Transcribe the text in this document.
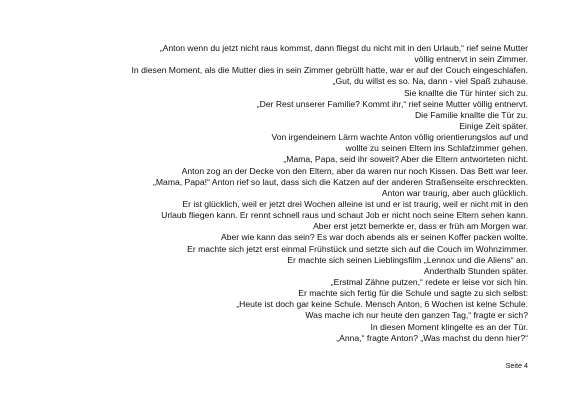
„Anton wenn du jetzt nicht raus kommst, dann fliegst du nicht mit in den Urlaub,“ rief seine Mutter
völlig entnervt in sein Zimmer.
In diesen Moment, als die Mutter dies in sein Zimmer gebrüllt hatte, war er auf der Couch eingeschlafen.
„Gut, du willst es so. Na, dann - viel Spaß zuhause.
Sie knallte die Tür hinter sich zu.
„Der Rest unserer Familie? Kommt ihr,“ rief seine Mutter völlig entnervt.
Die Familie knallte die Tür zu.
Einige Zeit später.
Von irgendeinem Lärm wachte Anton völlig orientierungslos auf und
wollte zu seinen Eltern ins Schlafzimmer gehen.
„Mama, Papa, seid ihr soweit? Aber die Eltern antworteten nicht.
Anton zog an der Decke von den Eltern, aber da waren nur noch Kissen. Das Bett war leer.
„Mama, Papa!“ Anton rief so laut, dass sich die Katzen auf der anderen Straßenseite erschreckten.
Anton war traurig, aber auch glücklich.
Er ist glücklich, weil er jetzt drei Wochen alleine ist und er ist traurig, weil er nicht mit in den
Urlaub fliegen kann. Er rennt schnell raus und schaut Job er nicht noch seine Eltern sehen kann.
Aber erst jetzt bemerkte er, dass er früh am Morgen war.
Aber wie kann das sein? Es war doch abends als er seinen Koffer packen wollte.
Er machte sich jetzt erst einmal Frühstück und setzte sich auf die Couch im Wohnzimmer.
Er machte sich seinen Lieblingsfilm „Lennox und die Aliens“ an.
Anderthalb Stunden später.
„Erstmal Zähne putzen,“ redete er leise vor sich hin.
Er machte sich fertig für die Schule und sagte zu sich selbst:
„Heute ist doch gar keine Schule. Mensch Anton, 6 Wochen ist keine Schule.
Was mache ich nur heute den ganzen Tag,“ fragte er sich?
In diesen Moment klingelte es an der Tür.
„Anna,“ fragte Anton? „Was machst du denn hier?“
Seite 4
